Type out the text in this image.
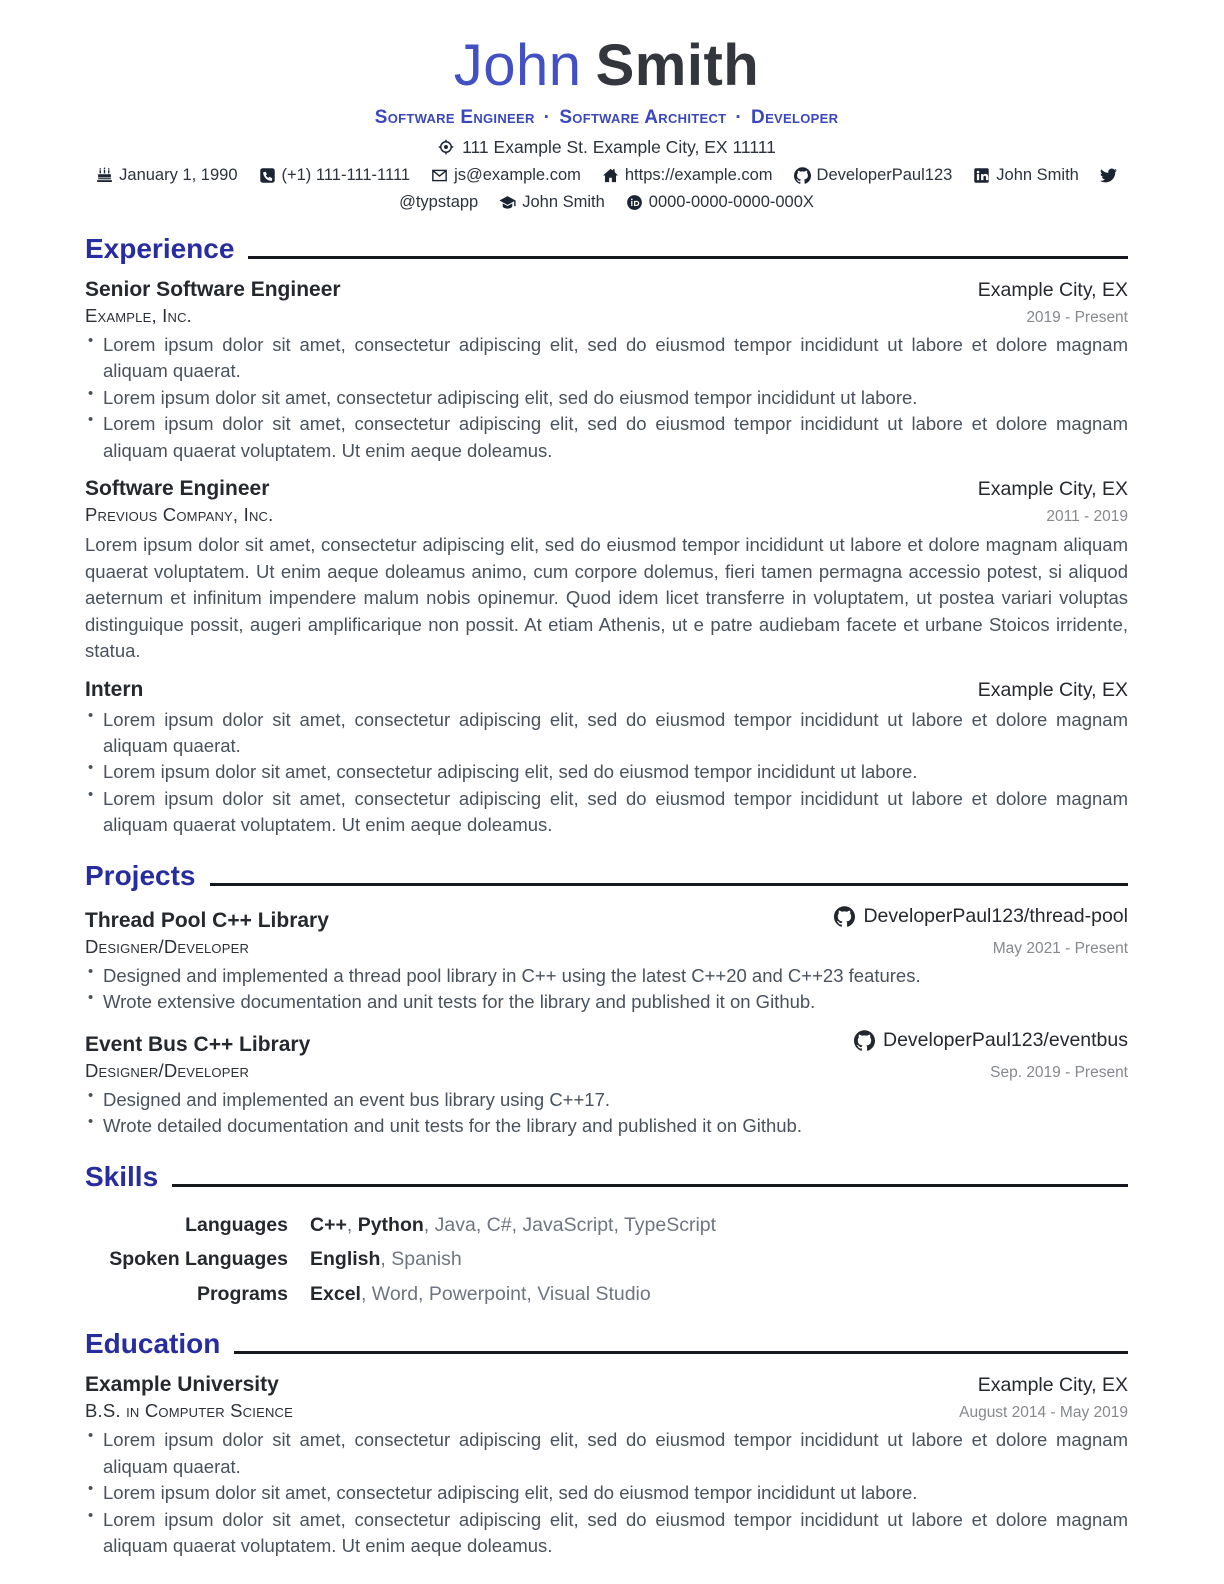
John Smith
Software Engineer · Software Architect · Developer
111 Example St. Example City, EX 11111
January 1, 1990	(+1) 111-111-1111	js@example.com	https://example.com	DeveloperPaul123	John Smith
@typstapp	John Smith	0000-0000-0000-000X
Experience
Senior Software Engineer	Example City, EX
Example, Inc.	2019 - Present
• Lorem ipsum dolor sit amet, consectetur adipiscing elit, sed do eiusmod tempor incididunt ut labore et dolore magnam aliquam quaerat.
• Lorem ipsum dolor sit amet, consectetur adipiscing elit, sed do eiusmod tempor incididunt ut labore.
• Lorem ipsum dolor sit amet, consectetur adipiscing elit, sed do eiusmod tempor incididunt ut labore et dolore magnam aliquam quaerat voluptatem. Ut enim aeque doleamus.
Software Engineer	Example City, EX
Previous Company, Inc.	2011 - 2019

Lorem ipsum dolor sit amet, consectetur adipiscing elit, sed do eiusmod tempor incididunt ut labore et dolore magnam aliquam quaerat voluptatem. Ut enim aeque doleamus animo, cum corpore dolemus, fieri tamen permagna accessio potest, si aliquod aeternum et infinitum impendere malum nobis opinemur. Quod idem licet transferre in voluptatem, ut postea variari voluptas distinguique possit, augeri amplificarique non possit. At etiam Athenis, ut e patre audiebam facete et urbane Stoicos irridente, statua.

Intern	Example City, EX
• Lorem ipsum dolor sit amet, consectetur adipiscing elit, sed do eiusmod tempor incididunt ut labore et dolore magnam aliquam quaerat.
• Lorem ipsum dolor sit amet, consectetur adipiscing elit, sed do eiusmod tempor incididunt ut labore.
• Lorem ipsum dolor sit amet, consectetur adipiscing elit, sed do eiusmod tempor incididunt ut labore et dolore magnam aliquam quaerat voluptatem. Ut enim aeque doleamus.
Projects
Thread Pool C++ Library	DeveloperPaul123/thread-pool
Designer/Developer	May 2021 - Present
• Designed and implemented a thread pool library in C++ using the latest C++20 and C++23 features.
• Wrote extensive documentation and unit tests for the library and published it on Github.
Event Bus C++ Library	DeveloperPaul123/eventbus
Designer/Developer	Sep. 2019 - Present
• Designed and implemented an event bus library using C++17.
• Wrote detailed documentation and unit tests for the library and published it on Github.
Skills
Languages C++, Python, Java, C#, JavaScript, TypeScript
Spoken Languages English, Spanish
Programs Excel, Word, Powerpoint, Visual Studio
Education
Example University	Example City, EX
B.S. in Computer Science	August 2014 - May 2019
• Lorem ipsum dolor sit amet, consectetur adipiscing elit, sed do eiusmod tempor incididunt ut labore et dolore magnam aliquam quaerat.
• Lorem ipsum dolor sit amet, consectetur adipiscing elit, sed do eiusmod tempor incididunt ut labore.
• Lorem ipsum dolor sit amet, consectetur adipiscing elit, sed do eiusmod tempor incididunt ut labore et dolore magnam aliquam quaerat voluptatem. Ut enim aeque doleamus.
